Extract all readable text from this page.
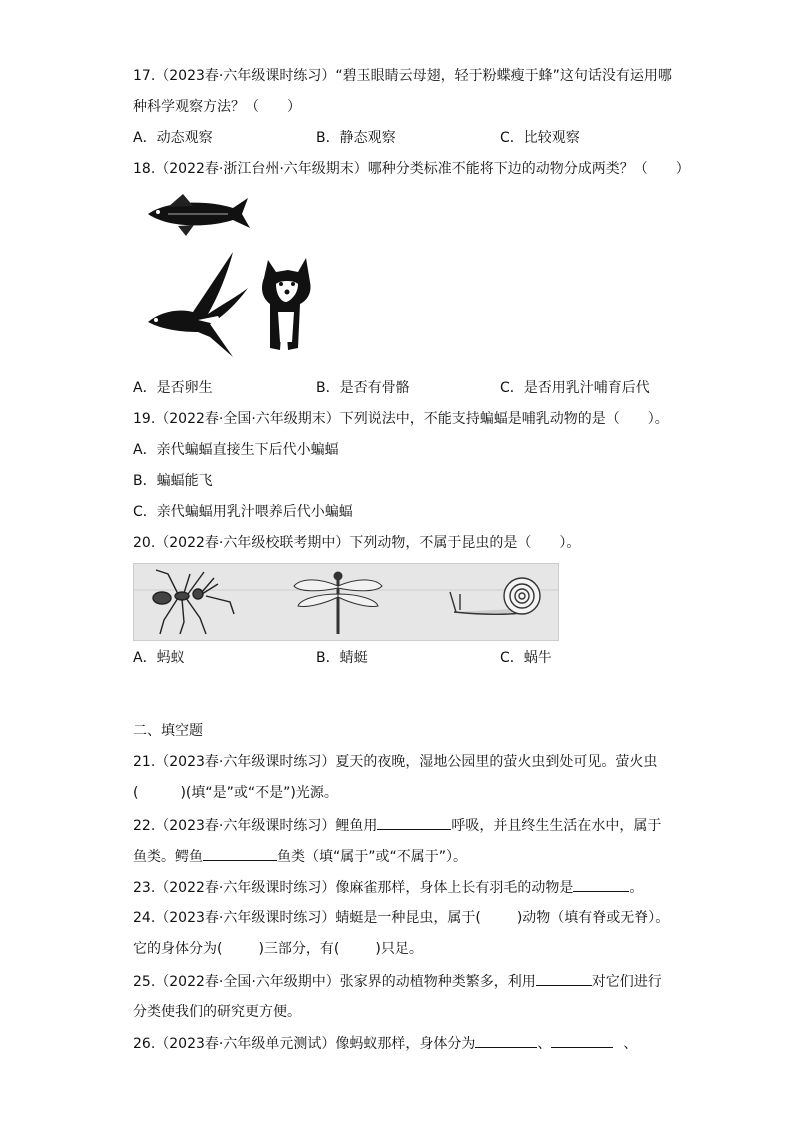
17.（2023春·六年级课时练习）“碧玉眼睛云母翅，轻于粉蝶瘦于蜂”这句话没有运用哪
种科学观察方法？（　　）
A．动态观察	B．静态观察	C．比较观察
18.（2022春·浙江台州·六年级期末）哪种分类标准不能将下边的动物分成两类？（　　）
A．是否卵生	B．是否有骨骼	C．是否用乳汁哺育后代
19.（2022春·全国·六年级期末）下列说法中，不能支持蝙蝠是哺乳动物的是（　　）。
A．亲代蝙蝠直接生下后代小蝙蝠
B．蝙蝠能飞
C．亲代蝙蝠用乳汁喂养后代小蝙蝠
20.（2022春·六年级校联考期中）下列动物，不属于昆虫的是（　　）。
A．蚂蚁	B．蜻蜓	C．蜗牛
二、填空题
21.（2023春·六年级课时练习）夏天的夜晚，湿地公园里的萤火虫到处可见。萤火虫
(	)(填“是”或“不是”)光源。
22.（2023春·六年级课时练习）鲤鱼用	呼吸，并且终生生活在水中，属于
鱼类。鳄鱼	鱼类（填“属于”或“不属于”）。
23.（2022春·六年级课时练习）像麻雀那样，身体上长有羽毛的动物是	。
24.（2023春·六年级课时练习）蜻蜓是一种昆虫，属于(	)动物（填有脊或无脊）。
它的身体分为(	)三部分，有(	)只足。
25.（2022春·全国·六年级期中）张家界的动植物种类繁多，利用	对它们进行
分类使我们的研究更方便。
26.（2023春·六年级单元测试）像蚂蚁那样，身体分为	、	、
